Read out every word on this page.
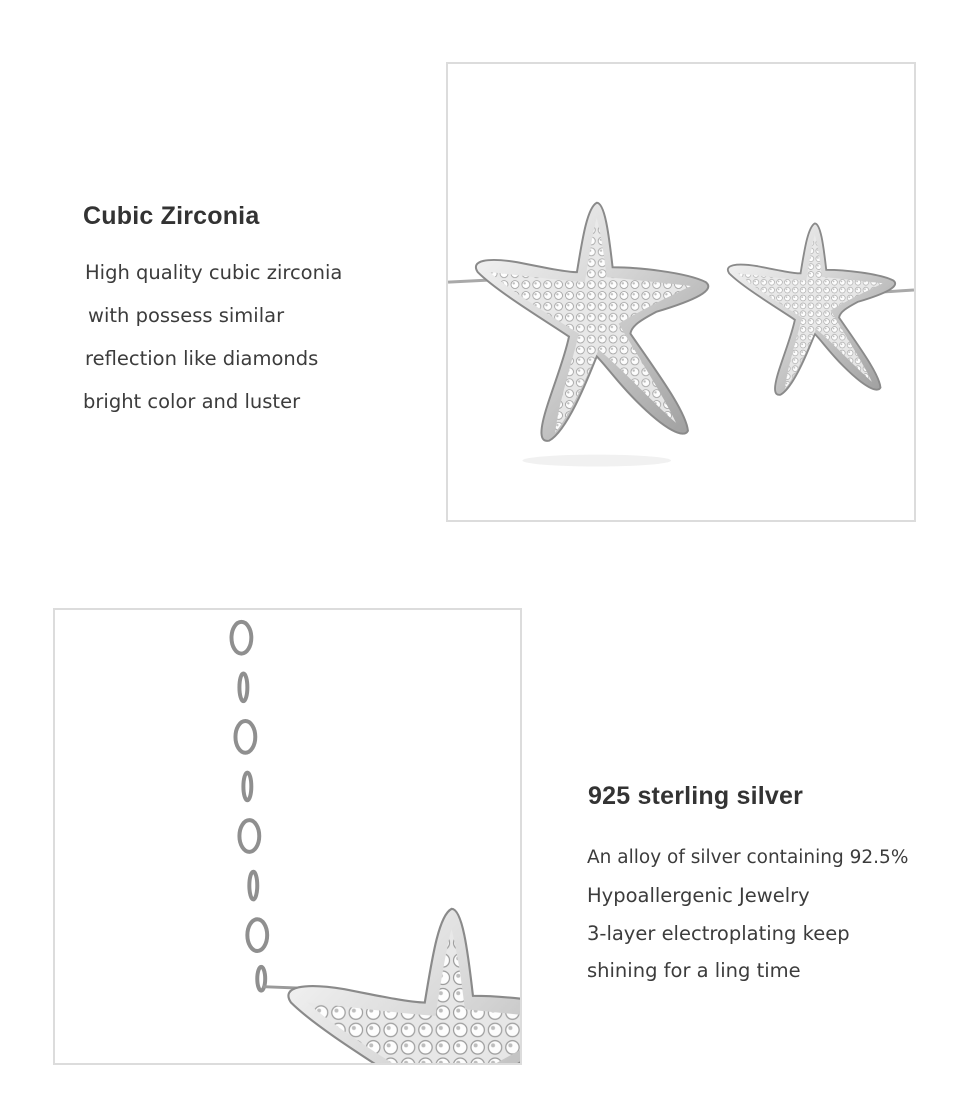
Cubic Zirconia
High quality cubic zirconia
with possess similar
reflection like diamonds
bright color and luster
925 sterling silver
An alloy of silver containing 92.5%
Hypoallergenic Jewelry
3-layer electroplating keep
shining for a ling time
